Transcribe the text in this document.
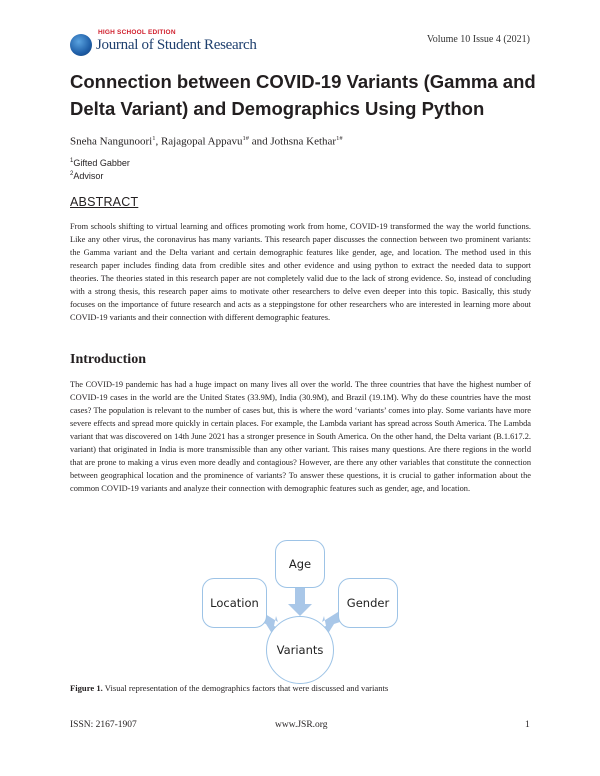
HIGH SCHOOL EDITION
Journal of Student Research	Volume 10 Issue 4 (2021)
Connection between COVID-19 Variants (Gamma and Delta Variant) and Demographics Using Python
Sneha Nangunoori$^1$, Rajagopal Appavu$^{1\#}$ and Jothsna Kethar$^{1\#}$
$^1$Gifted Gabber
$^2$Advisor
ABSTRACT

From schools shifting to virtual learning and offices promoting work from home, COVID-19 transformed the way the world functions. Like any other virus, the coronavirus has many variants. This research paper discusses the connection between two prominent variants: the Gamma variant and the Delta variant and certain demographic features like gender, age, and location. The method used in this research paper includes finding data from credible sites and other evidence and using python to extract the needed data to support theories. The theories stated in this research paper are not completely valid due to the lack of strong evidence. So, instead of concluding with a strong thesis, this research paper aims to motivate other researchers to delve even deeper into this topic. Basically, this study focuses on the importance of future research and acts as a steppingstone for other researchers who are interested in learning more about COVID-19 variants and their connection with different demographic features.

Introduction

The COVID-19 pandemic has had a huge impact on many lives all over the world. The three countries that have the highest number of COVID-19 cases in the world are the United States (33.9M), India (30.9M), and Brazil (19.1M). Why do these countries have the most cases? The population is relevant to the number of cases but, this is where the word ‘variants’ comes into play. Some variants have more severe effects and spread more quickly in certain places. For example, the Lambda variant has spread across South America. The Lambda variant that was discovered on 14th June 2021 has a stronger presence in South America. On the other hand, the Delta variant (B.1.617.2. variant) that originated in India is more transmissible than any other variant. This raises many questions. Are there regions in the world that are prone to making a virus even more deadly and contagious? However, are there any other variables that constitute the connection between geographical location and the prominence of variants? To answer these questions, it is crucial to gather information about the common COVID-19 variants and analyze their connection with demographic features such as gender, age, and location.

Age
Location	Gender
Variants
Figure 1. Visual representation of the demographics factors that were discussed and variants
ISSN: 2167-1907	www.JSR.org	1
